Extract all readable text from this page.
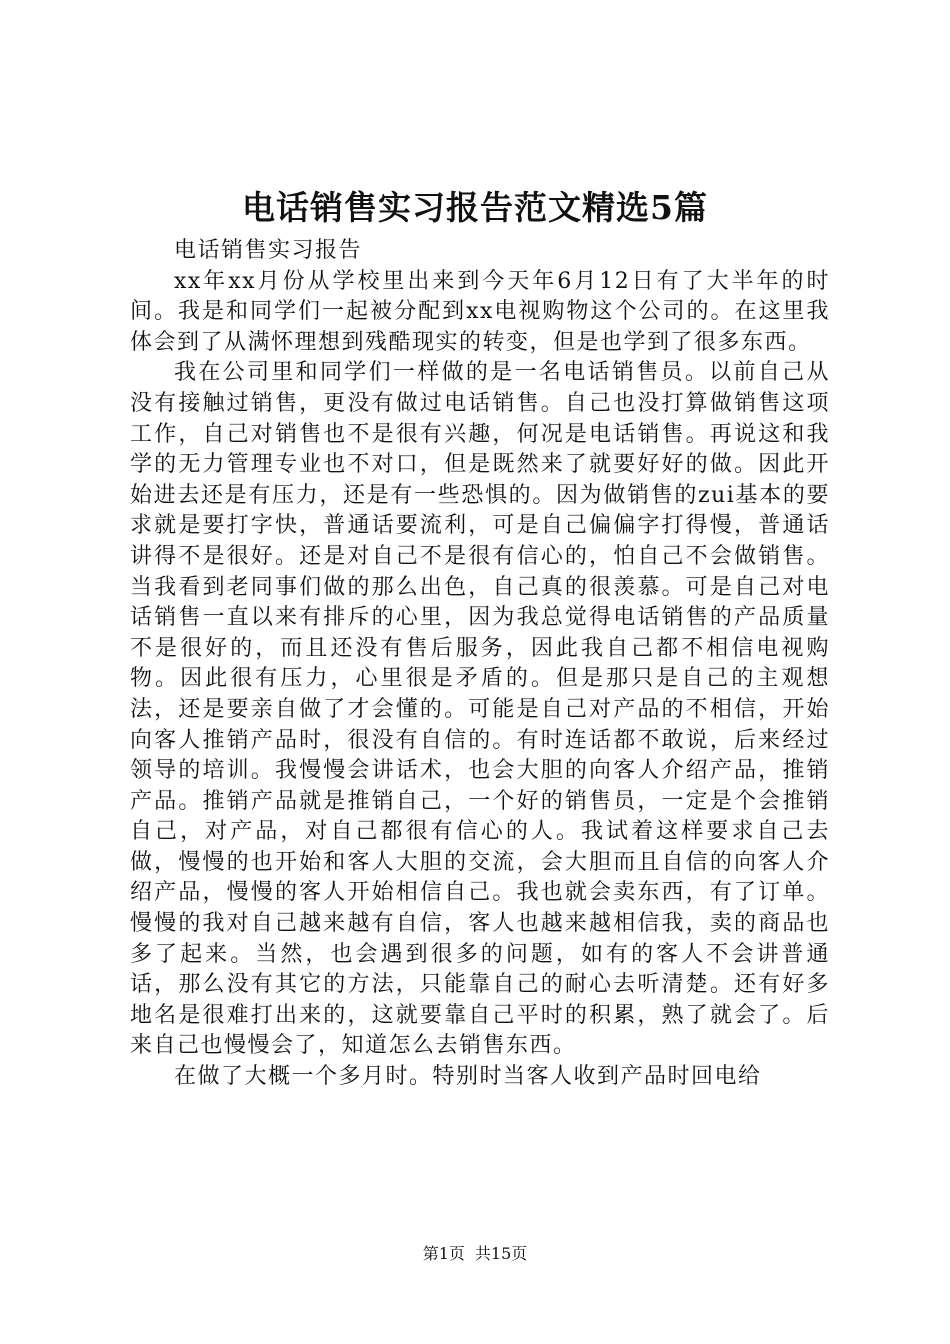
电话销售实习报告范文精选5篇

电话销售实习报告

xx年xx月份从学校里出来到今天年6月12日有了大半年的时间。我是和同学们一起被分配到xx电视购物这个公司的。在这里我体会到了从满怀理想到残酷现实的转变，但是也学到了很多东西。

我在公司里和同学们一样做的是一名电话销售员。以前自己从没有接触过销售，更没有做过电话销售。自己也没打算做销售这项工作，自己对销售也不是很有兴趣，何况是电话销售。再说这和我学的无力管理专业也不对口，但是既然来了就要好好的做。因此开始进去还是有压力，还是有一些恐惧的。因为做销售的zui基本的要求就是要打字快，普通话要流利，可是自己偏偏字打得慢，普通话讲得不是很好。还是对自己不是很有信心的，怕自己不会做销售。当我看到老同事们做的那么出色，自己真的很羡慕。可是自己对电话销售一直以来有排斥的心里，因为我总觉得电话销售的产品质量不是很好的，而且还没有售后服务，因此我自己都不相信电视购物。因此很有压力，心里很是矛盾的。但是那只是自己的主观想法，还是要亲自做了才会懂的。可能是自己对产品的不相信，开始向客人推销产品时，很没有自信的。有时连话都不敢说，后来经过领导的培训。我慢慢会讲话术，也会大胆的向客人介绍产品，推销产品。推销产品就是推销自己，一个好的销售员，一定是个会推销自己，对产品，对自己都很有信心的人。我试着这样要求自己去做，慢慢的也开始和客人大胆的交流，会大胆而且自信的向客人介绍产品，慢慢的客人开始相信自己。我也就会卖东西，有了订单。慢慢的我对自己越来越有自信，客人也越来越相信我，卖的商品也多了起来。当然，也会遇到很多的问题，如有的客人不会讲普通话，那么没有其它的方法，只能靠自己的耐心去听清楚。还有好多地名是很难打出来的，这就要靠自己平时的积累，熟了就会了。后来自己也慢慢会了，知道怎么去销售东西。

在做了大概一个多月时。特别时当客人收到产品时回电给

第1页 共15页
